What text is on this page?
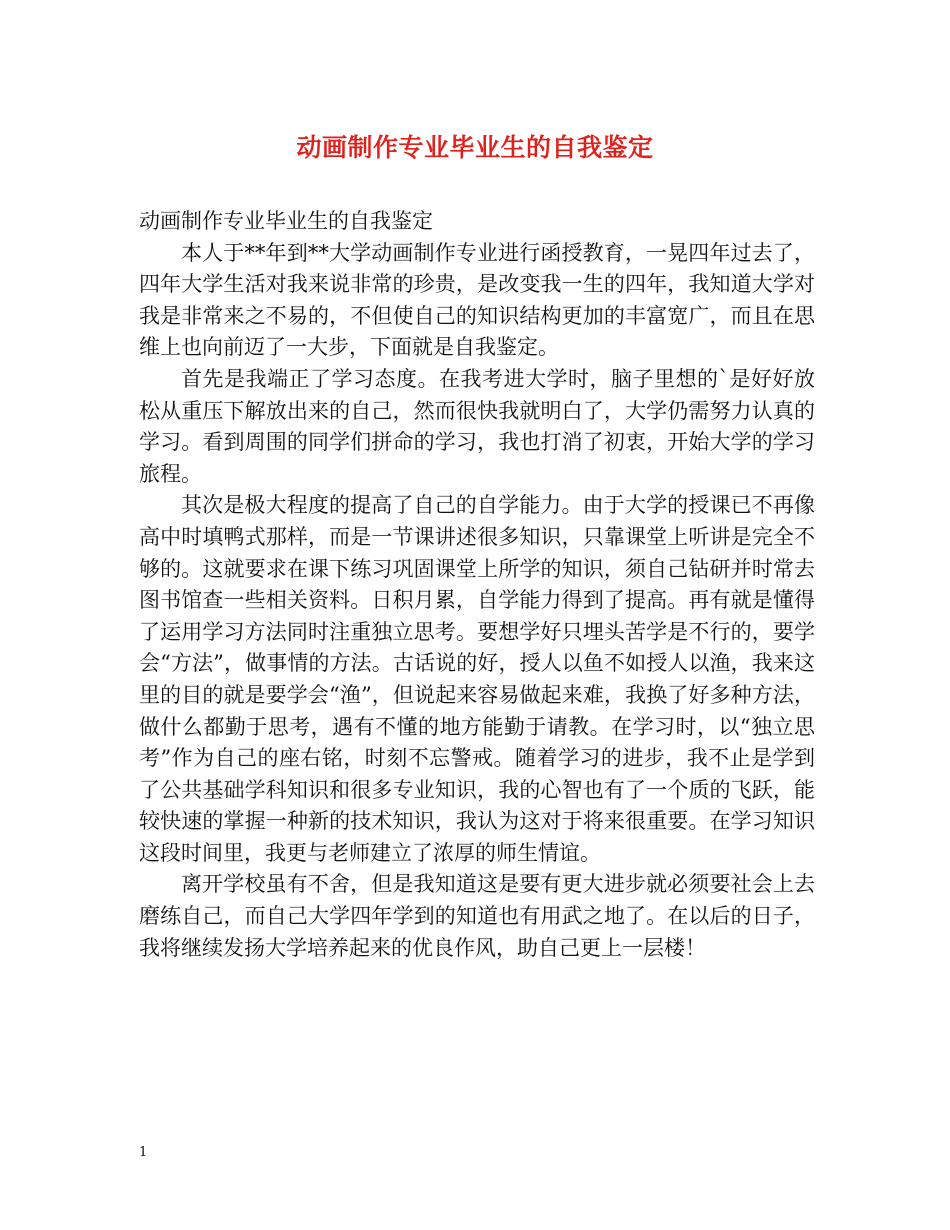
动画制作专业毕业生的自我鉴定

动画制作专业毕业生的自我鉴定

本人于**年到**大学动画制作专业进行函授教育，一晃四年过去了，四年大学生活对我来说非常的珍贵，是改变我一生的四年，我知道大学对我是非常来之不易的，不但使自己的知识结构更加的丰富宽广，而且在思维上也向前迈了一大步，下面就是自我鉴定。

首先是我端正了学习态度。在我考进大学时，脑子里想的`是好好放松从重压下解放出来的自己，然而很快我就明白了，大学仍需努力认真的学习。看到周围的同学们拼命的学习，我也打消了初衷，开始大学的学习旅程。

其次是极大程度的提高了自己的自学能力。由于大学的授课已不再像高中时填鸭式那样，而是一节课讲述很多知识，只靠课堂上听讲是完全不够的。这就要求在课下练习巩固课堂上所学的知识，须自己钻研并时常去图书馆查一些相关资料。日积月累，自学能力得到了提高。再有就是懂得了运用学习方法同时注重独立思考。要想学好只埋头苦学是不行的，要学会“方法”，做事情的方法。古话说的好，授人以鱼不如授人以渔，我来这里的目的就是要学会“渔”，但说起来容易做起来难，我换了好多种方法，做什么都勤于思考，遇有不懂的地方能勤于请教。在学习时，以“独立思考”作为自己的座右铭，时刻不忘警戒。随着学习的进步，我不止是学到了公共基础学科知识和很多专业知识，我的心智也有了一个质的飞跃，能较快速的掌握一种新的技术知识，我认为这对于将来很重要。在学习知识这段时间里，我更与老师建立了浓厚的师生情谊。

离开学校虽有不舍，但是我知道这是要有更大进步就必须要社会上去磨练自己，而自己大学四年学到的知道也有用武之地了。在以后的日子，我将继续发扬大学培养起来的优良作风，助自己更上一层楼！

1
